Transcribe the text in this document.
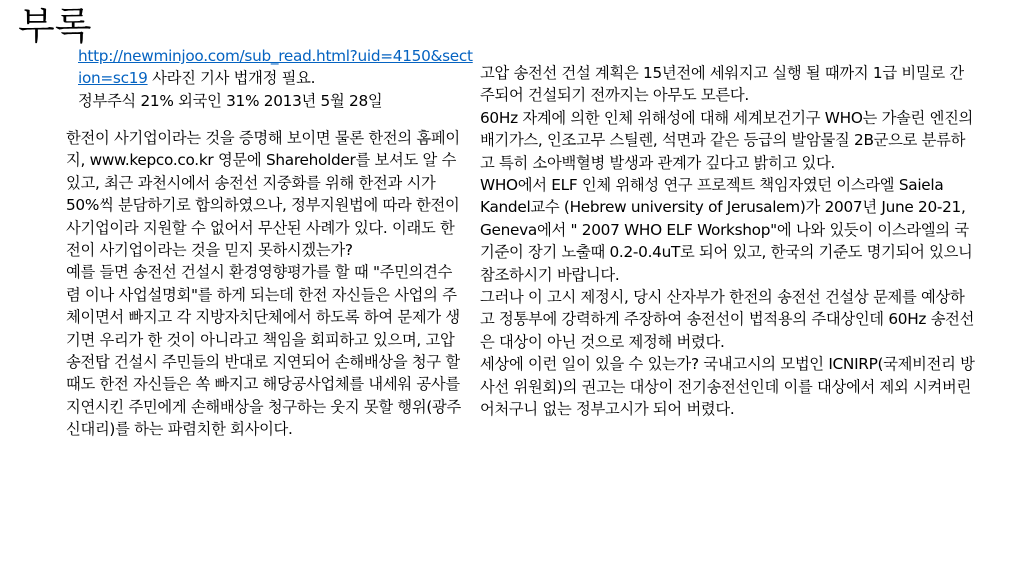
부록

http://newminjoo.com/sub_read.html?uid=4150&section=sc19 사라진 기사 법개정 필요.

정부주식 21% 외국인 31% 2013년 5월 28일

한전이 사기업이라는 것을 증명해 보이면 물론 한전의 홈페이지, www.kepco.co.kr 영문에 Shareholder를 보셔도 알 수 있고, 최근 과천시에서 송전선 지중화를 위해 한전과 시가 50%씩 분담하기로 합의하였으나, 정부지원법에 따라 한전이 사기업이라 지원할 수 없어서 무산된 사례가 있다. 이래도 한전이 사기업이라는 것을 믿지 못하시겠는가?

예를 들면 송전선 건설시 환경영향평가를 할 때 "주민의견수렴 이나 사업설명회"를 하게 되는데 한전 자신들은 사업의 주체이면서 빠지고 각 지방자치단체에서 하도록 하여 문제가 생기면 우리가 한 것이 아니라고 책임을 회피하고 있으며, 고압 송전탑 건설시 주민들의 반대로 지연되어 손해배상을 청구 할 때도 한전 자신들은 쏙 빠지고 해당공사업체를 내세워 공사를 지연시킨 주민에게 손해배상을 청구하는 웃지 못할 행위(광주 신대리)를 하는 파렴치한 회사이다.

고압 송전선 건설 계획은 15년전에 세워지고 실행 될 때까지 1급 비밀로 간주되어 건설되기 전까지는 아무도 모른다.

60Hz 자계에 의한 인체 위해성에 대해 세계보건기구 WHO는 가솔린 엔진의 배기가스, 인조고무 스틸렌, 석면과 같은 등급의 발암물질 2B군으로 분류하고 특히 소아백혈병 발생과 관계가 깊다고 밝히고 있다.

WHO에서 ELF 인체 위해성 연구 프로젝트 책임자였던 이스라엘 Saiela Kandel교수 (Hebrew university of Jerusalem)가 2007년 June 20-21, Geneva에서 " 2007 WHO ELF Workshop"에 나와 있듯이 이스라엘의 국기준이 장기 노출때 0.2-0.4uT로 되어 있고, 한국의 기준도 명기되어 있으니 참조하시기 바랍니다.

그러나 이 고시 제정시, 당시 산자부가 한전의 송전선 건설상 문제를 예상하고 정통부에 강력하게 주장하여 송전선이 법적용의 주대상인데 60Hz 송전선은 대상이 아닌 것으로 제정해 버렸다.

세상에 이런 일이 있을 수 있는가? 국내고시의 모법인 ICNIRP(국제비전리 방사선 위원회)의 권고는 대상이 전기송전선인데 이를 대상에서 제외 시켜버린 어처구니 없는 정부고시가 되어 버렸다.
